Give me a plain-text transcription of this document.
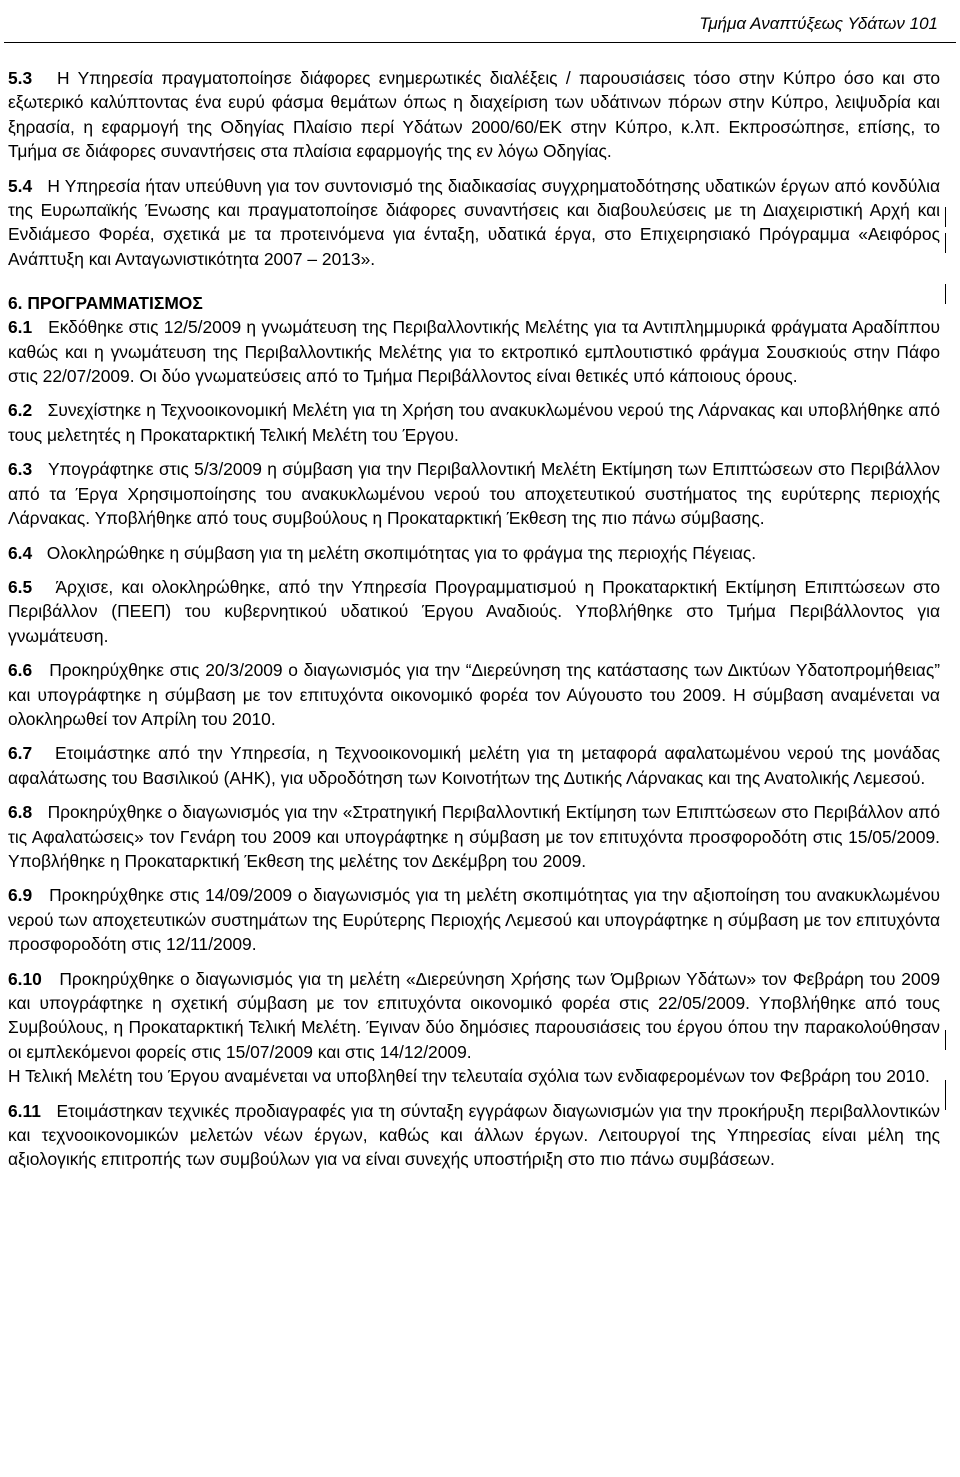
Τμήμα Αναπτύξεως Υδάτων 101

5.3 Η Υπηρεσία πραγματοποίησε διάφορες ενημερωτικές διαλέξεις / παρουσιάσεις τόσο στην Κύπρο όσο και στο εξωτερικό καλύπτοντας ένα ευρύ φάσμα θεμάτων όπως η διαχείριση των υδάτινων πόρων στην Κύπρο, λειψυδρία και ξηρασία, η εφαρμογή της Οδηγίας Πλαίσιο περί Υδάτων 2000/60/ΕΚ στην Κύπρο, κ.λπ. Εκπροσώπησε, επίσης, το Τμήμα σε διάφορες συναντήσεις στα πλαίσια εφαρμογής της εν λόγω Οδηγίας.

5.4 Η Υπηρεσία ήταν υπεύθυνη για τον συντονισμό της διαδικασίας συγχρηματοδότησης υδατικών έργων από κονδύλια της Ευρωπαϊκής Ένωσης και πραγματοποίησε διάφορες συναντήσεις και διαβουλεύσεις με τη Διαχειριστική Αρχή και Ενδιάμεσο Φορέα, σχετικά με τα προτεινόμενα για ένταξη, υδατικά έργα, στο Επιχειρησιακό Πρόγραμμα «Αειφόρος Ανάπτυξη και Ανταγωνιστικότητα 2007 – 2013».

6. ΠΡΟΓΡΑΜΜΑΤΙΣΜΟΣ

6.1 Εκδόθηκε στις 12/5/2009 η γνωμάτευση της Περιβαλλοντικής Μελέτης για τα Αντιπλημμυρικά φράγματα Αραδίππου καθώς και η γνωμάτευση της Περιβαλλοντικής Μελέτης για το εκτροπικό εμπλουτιστικό φράγμα Σουσκιούς στην Πάφο στις 22/07/2009. Οι δύο γνωματεύσεις από το Τμήμα Περιβάλλοντος είναι θετικές υπό κάποιους όρους.

6.2 Συνεχίστηκε η Τεχνοοικονομική Μελέτη για τη Χρήση του ανακυκλωμένου νερού της Λάρνακας και υποβλήθηκε από τους μελετητές η Προκαταρκτική Τελική Μελέτη του Έργου.

6.3 Υπογράφτηκε στις 5/3/2009 η σύμβαση για την Περιβαλλοντική Μελέτη Εκτίμηση των Επιπτώσεων στο Περιβάλλον από τα Έργα Χρησιμοποίησης του ανακυκλωμένου νερού του αποχετευτικού συστήματος της ευρύτερης περιοχής Λάρνακας. Υποβλήθηκε από τους συμβούλους η Προκαταρκτική Έκθεση της πιο πάνω σύμβασης.

6.4 Ολοκληρώθηκε η σύμβαση για τη μελέτη σκοπιμότητας για το φράγμα της περιοχής Πέγειας.

6.5 Άρχισε, και ολοκληρώθηκε, από την Υπηρεσία Προγραμματισμού η Προκαταρκτική Εκτίμηση Επιπτώσεων στο Περιβάλλον (ΠΕΕΠ) του κυβερνητικού υδατικού Έργου Αναδιούς. Υποβλήθηκε στο Τμήμα Περιβάλλοντος για γνωμάτευση.

6.6 Προκηρύχθηκε στις 20/3/2009 ο διαγωνισμός για την “Διερεύνηση της κατάστασης των Δικτύων Υδατοπρομήθειας” και υπογράφτηκε η σύμβαση με τον επιτυχόντα οικονομικό φορέα τον Αύγουστο του 2009. Η σύμβαση αναμένεται να ολοκληρωθεί τον Απρίλη του 2010.

6.7 Ετοιμάστηκε από την Υπηρεσία, η Τεχνοοικονομική μελέτη για τη μεταφορά αφαλατωμένου νερού της μονάδας αφαλάτωσης του Βασιλικού (ΑΗΚ), για υδροδότηση των Κοινοτήτων της Δυτικής Λάρνακας και της Ανατολικής Λεμεσού.

6.8 Προκηρύχθηκε ο διαγωνισμός για την «Στρατηγική Περιβαλλοντική Εκτίμηση των Επιπτώσεων στο Περιβάλλον από τις Αφαλατώσεις» τον Γενάρη του 2009 και υπογράφτηκε η σύμβαση με τον επιτυχόντα προσφοροδότη στις 15/05/2009. Υποβλήθηκε η Προκαταρκτική Έκθεση της μελέτης τον Δεκέμβρη του 2009.

6.9 Προκηρύχθηκε στις 14/09/2009 ο διαγωνισμός για τη μελέτη σκοπιμότητας για την αξιοποίηση του ανακυκλωμένου νερού των αποχετευτικών συστημάτων της Ευρύτερης Περιοχής Λεμεσού και υπογράφτηκε η σύμβαση με τον επιτυχόντα προσφοροδότη στις 12/11/2009.

6.10 Προκηρύχθηκε ο διαγωνισμός για τη μελέτη «Διερεύνηση Χρήσης των Όμβριων Υδάτων» τον Φεβράρη του 2009 και υπογράφτηκε η σχετική σύμβαση με τον επιτυχόντα οικονομικό φορέα στις 22/05/2009. Υποβλήθηκε από τους Συμβούλους, η Προκαταρκτική Τελική Μελέτη. Έγιναν δύο δημόσιες παρουσιάσεις του έργου όπου την παρακολούθησαν οι εμπλεκόμενοι φορείς στις 15/07/2009 και στις 14/12/2009.

Η Τελική Μελέτη του Έργου αναμένεται να υποβληθεί την τελευταία σχόλια των ενδιαφερομένων τον Φεβράρη του 2010.

6.11 Ετοιμάστηκαν τεχνικές προδιαγραφές για τη σύνταξη εγγράφων διαγωνισμών για την προκήρυξη περιβαλλοντικών και τεχνοοικονομικών μελετών νέων έργων, καθώς και άλλων έργων. Λειτουργοί της Υπηρεσίας είναι μέλη της αξιολογικής επιτροπής των συμβούλων για να είναι συνεχής υποστήριξη στο πιο πάνω συμβάσεων.
